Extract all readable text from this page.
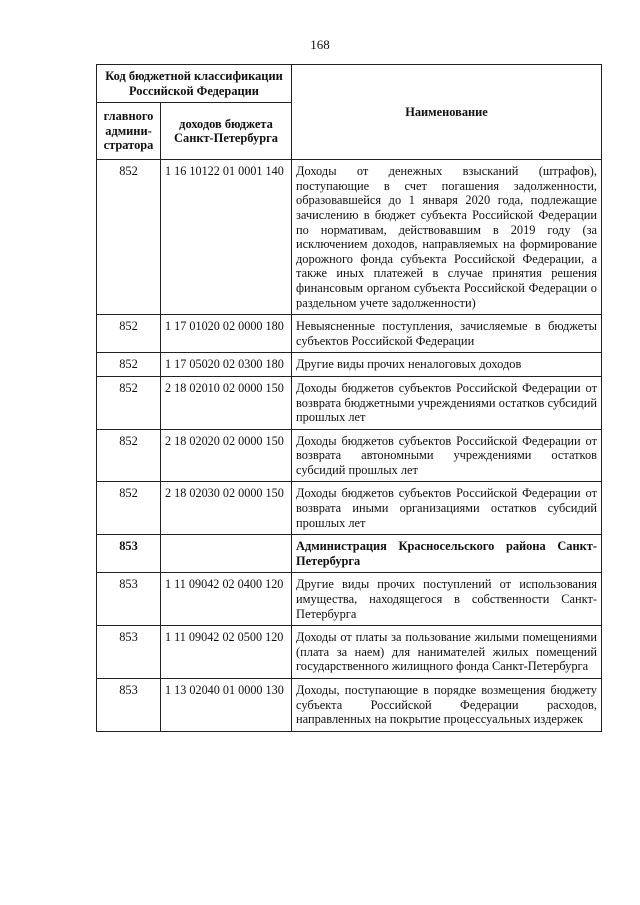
168
Код бюджетной классификации Российской Федерации		Наименование
главного админи-стратора	доходов бюджета Санкт-Петербурга	
852	1 16 10122 01 0001 140	Доходы от денежных взысканий (штрафов), поступающие в счет погашения задолженности, образовавшейся до 1 января 2020 года, подлежащие зачислению в бюджет субъекта Российской Федерации по нормативам, действовавшим в 2019 году (за исключением доходов, направляемых на формирование дорожного фонда субъекта Российской Федерации, а также иных платежей в случае принятия решения финансовым органом субъекта Российской Федерации о раздельном учете задолженности)
852	1 17 01020 02 0000 180	Невыясненные поступления, зачисляемые в бюджеты субъектов Российской Федерации
852	1 17 05020 02 0300 180	Другие виды прочих неналоговых доходов
852	2 18 02010 02 0000 150	Доходы бюджетов субъектов Российской Федерации от возврата бюджетными учреждениями остатков субсидий прошлых лет
852	2 18 02020 02 0000 150	Доходы бюджетов субъектов Российской Федерации от возврата автономными учреждениями остатков субсидий прошлых лет
852	2 18 02030 02 0000 150	Доходы бюджетов субъектов Российской Федерации от возврата иными организациями остатков субсидий прошлых лет
853		Администрация Красносельского района Санкт-Петербурга
853	1 11 09042 02 0400 120	Другие виды прочих поступлений от использования имущества, находящегося в собственности Санкт-Петербурга
853	1 11 09042 02 0500 120	Доходы от платы за пользование жилыми помещениями (плата за наем) для нанимателей жилых помещений государственного жилищного фонда Санкт-Петербурга
853	1 13 02040 01 0000 130	Доходы, поступающие в порядке возмещения бюджету субъекта Российской Федерации расходов, направленных на покрытие процессуальных издержек
